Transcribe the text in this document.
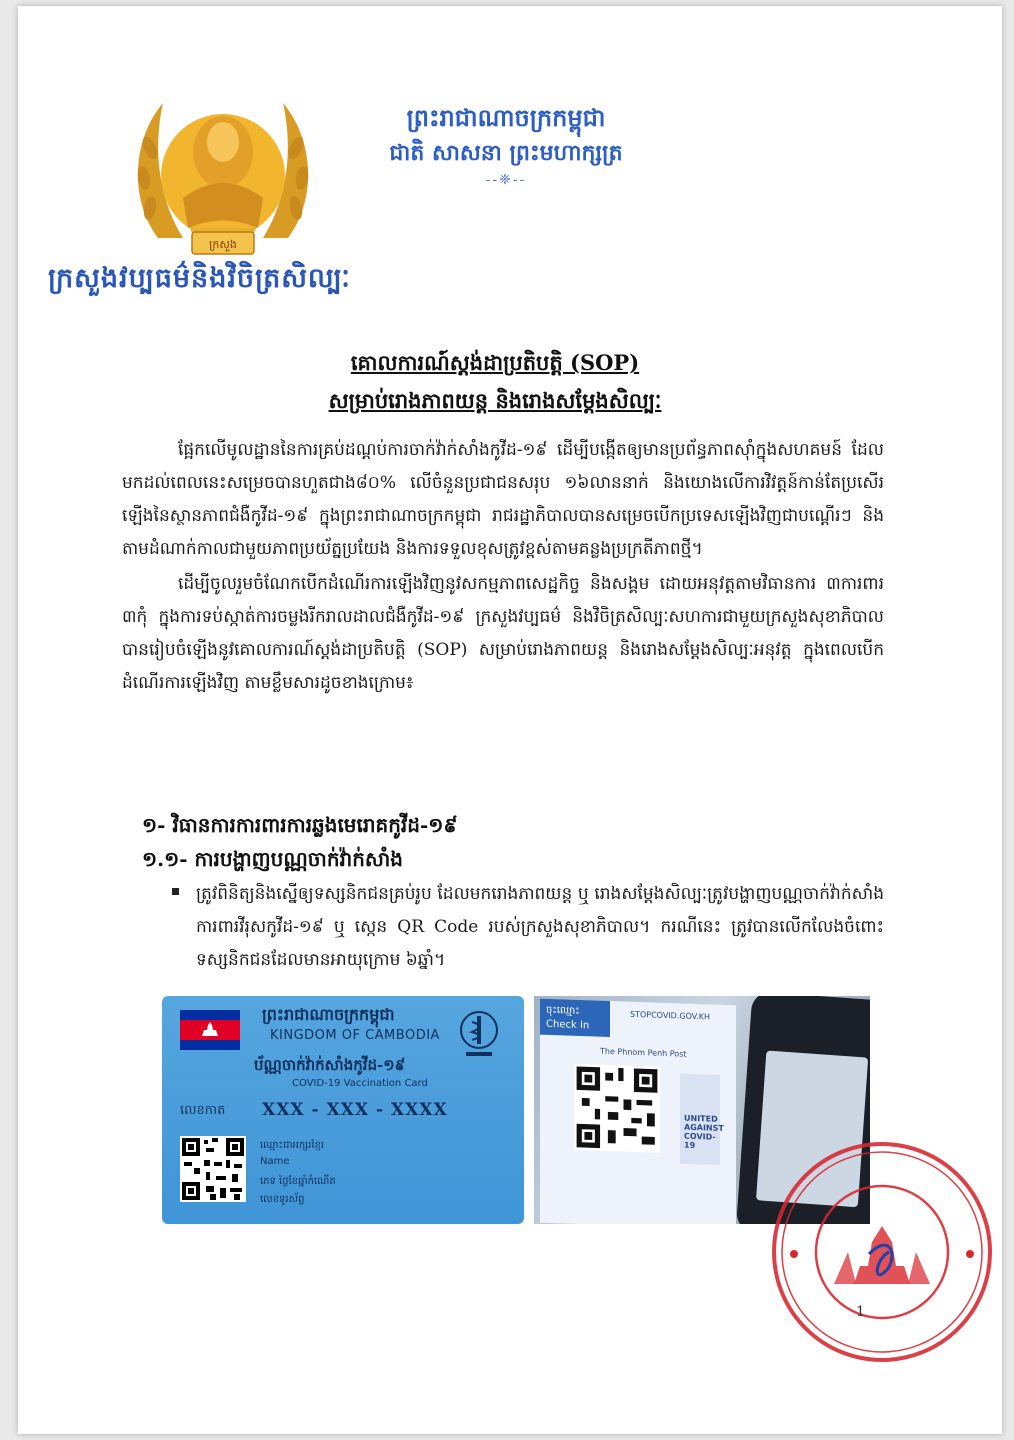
ក្រសួង
ព្រះរាជាណាចក្រកម្ពុជា
ជាតិ សាសនា ព្រះមហាក្សត្រ
--❈--
ក្រសួងវប្បធម៌និងវិចិត្រសិល្បៈ
គោលការណ៍ស្តង់ដាប្រតិបត្តិ (SOP)
សម្រាប់រោងភាពយន្ត និងរោងសម្តែងសិល្បៈ

ផ្អែកលើមូលដ្ឋាននៃការគ្រប់ដណ្តប់ការចាក់វ៉ាក់សាំងកូវីដ-១៩ ដើម្បីបង្កើតឲ្យមានប្រព័ន្ធភាពស៊ាំក្នុងសហគមន៍ ដែលមកដល់ពេលនេះសម្រេចបានហួតជាង៨០% លើចំនួនប្រជាជនសរុប ១៦លាននាក់ និងយោងលើការវិវត្តន៍កាន់តែប្រសើរឡើងនៃស្ថានភាពជំងឺកូវីដ-១៩ ក្នុងព្រះរាជាណាចក្រកម្ពុជា រាជរដ្ឋាភិបាលបានសម្រេចបើកប្រទេសឡើងវិញជាបណ្តើរៗ និងតាមដំណាក់កាលជាមួយភាពប្រយ័ត្នប្រយែង និងការទទួលខុសត្រូវខ្ពស់តាមគន្លងប្រក្រតីភាពថ្មី។

ដើម្បីចូលរួមចំណែកបើកដំណើរការឡើងវិញនូវសកម្មភាពសេដ្ឋកិច្ច និងសង្គម ដោយអនុវត្តតាមវិធានការ ៣ការពារ ៣កុំ ក្នុងការទប់ស្កាត់ការចម្លងរីករាលដាលជំងឺកូវីដ-១៩ ក្រសួងវប្បធម៌ និងវិចិត្រសិល្បៈសហការជាមួយក្រសួងសុខាភិបាល បានរៀបចំឡើងនូវគោលការណ៍ស្តង់ដាប្រតិបត្តិ (SOP) សម្រាប់រោងភាពយន្ត និងរោងសម្តែងសិល្បៈអនុវត្ត ក្នុងពេលបើកដំណើរការឡើងវិញ តាមខ្លឹមសារដូចខាងក្រោម៖

១- វិធានការការពារការឆ្លងមេរោគកូវីដ-១៩
១.១- ការបង្ហាញបណ្ណចាក់វ៉ាក់សាំង
ត្រូវពិនិត្យនិងស្នើឲ្យទស្សនិកជនគ្រប់រូប ដែលមករោងភាពយន្ត ឬ រោងសម្តែងសិល្បៈត្រូវបង្ហាញបណ្ណចាក់វ៉ាក់សាំងការពារវីរុសកូវីដ-១៩ ឬ ស្កេន QR Code របស់ក្រសួងសុខាភិបាល។ ករណីនេះ ត្រូវបានលើកលែងចំពោះទស្សនិកជនដែលមានអាយុក្រោម ៦ឆ្នាំ។
ព្រះរាជាណាចក្រកម្ពុជា
KINGDOM OF CAMBODIA
ប័ណ្ណចាក់វ៉ាក់សាំងកូវីដ-១៩
COVID-19 Vaccination Card
លេខកាត XXX - XXX - XXXX
ឈ្មោះជាអក្សរខ្មែរ
Name
ភេទ ថ្ងៃខែឆ្នាំកំណើត
លេខទូរស័ព្ទ
ចុះឈ្មោះ
Check In
STOPCOVID.GOV.KH
The Phnom Penh Post
UNITED AGAINST COVID-19
1
